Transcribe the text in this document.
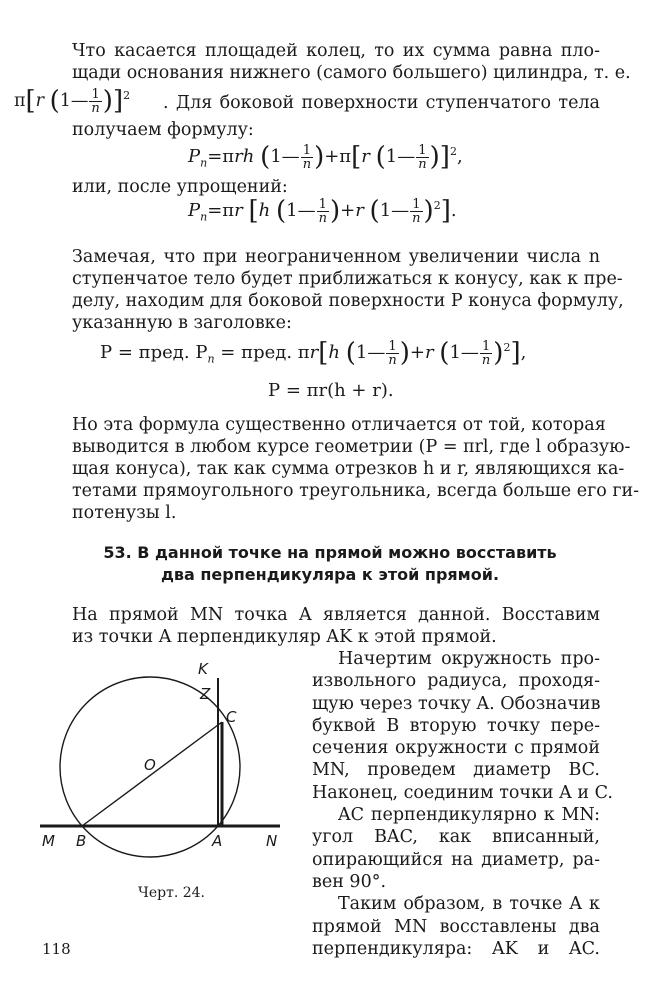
Что касается площадей колец, то их сумма равна пло-
щади основания нижнего (самого большего) цилиндра, т. е.
π[r (1— $\frac{1}{n} )]^2$ . Для боковой поверхности ступенчатого тела
получаем формулу:
$P_n=\pi rh$ (1— $\frac{1}{n} )+\pi[r$ (1— $\frac{1}{n} )]^2$,
или, после упрощений:
$P_n=\pi r$ [h (1— $\frac{1}{n} )+r$ (1— $\frac{1}{n} )^2$].
Замечая, что при неограниченном увеличении числа n
ступенчатое тело будет приближаться к конусу, как к пре-
делу, находим для боковой поверхности P конуса формулу,
указанную в заголовке:
P = пред. $P_n$ = пред. πr[h (1— $\frac{1}{n} )+r$ (1— $\frac{1}{n} )^2$],
P = πr(h + r).
Но эта формула существенно отличается от той, которая
выводится в любом курсе геометрии (P = πrl, где l образую-
щая конуса), так как сумма отрезков h и r, являющихся ка-
тетами прямоугольного треугольника, всегда больше его ги-
потенузы l.
53. В данной точке на прямой можно восставить
два перпендикуляра к этой прямой.
На прямой MN точка A является данной. Восставим
из точки A перпендикуляр AK к этой прямой.
Начертим окружность про-
извольного радиуса, проходя-
щую через точку A. Обозначив
буквой B вторую точку пере-
сечения окружности с прямой
MN, проведем диаметр BC.
Наконец, соединим точки A и C.
AC перпендикулярно к MN:
угол BAC, как вписанный,
опирающийся на диаметр, ра-
вен 90°.
Таким образом, в точке A к
прямой MN восставлены два
перпендикуляра: AK и AC.
K
Z
C
O
M B	A	N
Черт. 24.
118
